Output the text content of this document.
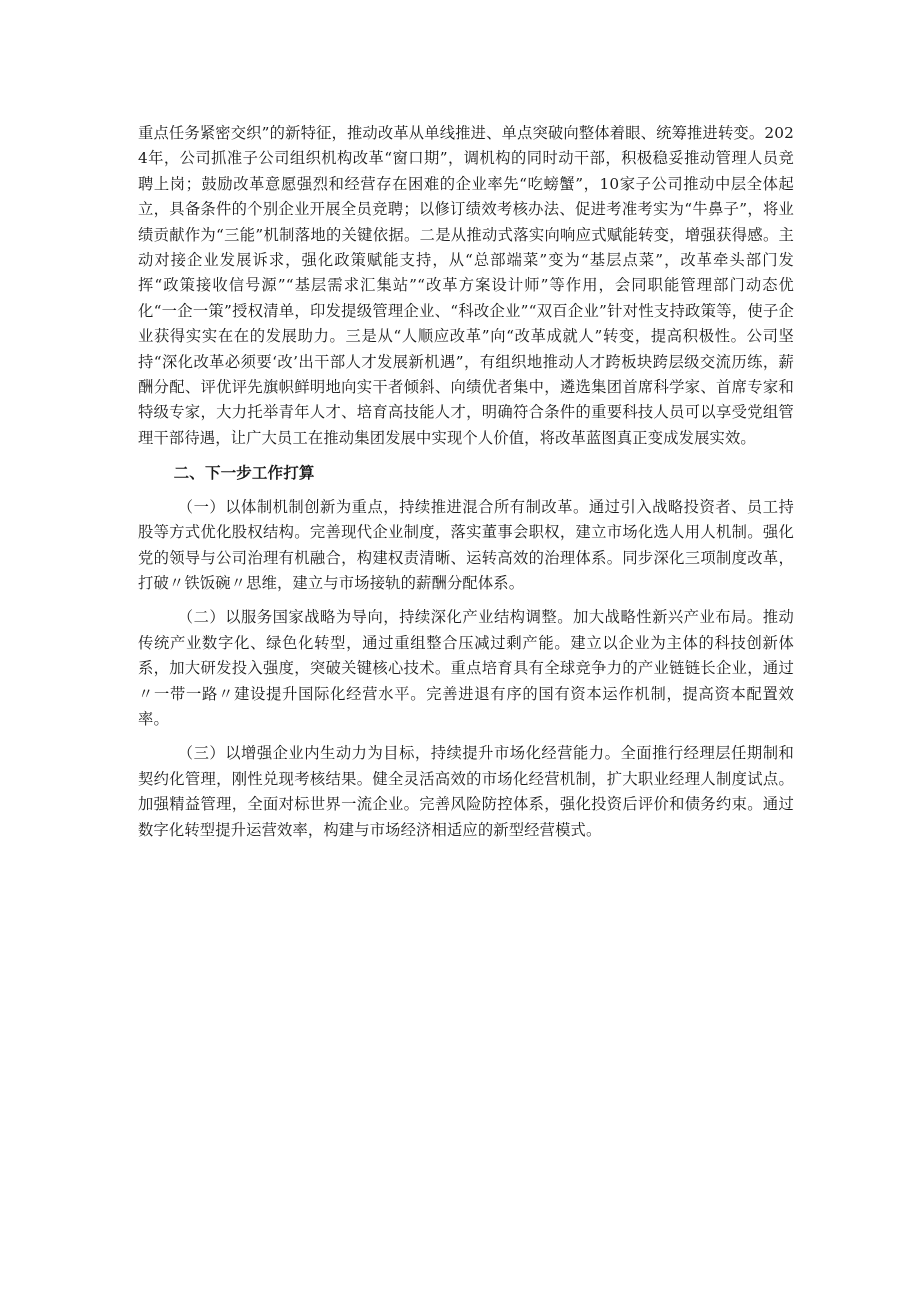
重点任务紧密交织”的新特征，推动改革从单线推进、单点突破向整体着眼、统筹推进转变。2024年，公司抓准子公司组织机构改革“窗口期”，调机构的同时动干部，积极稳妥推动管理人员竞聘上岗；鼓励改革意愿强烈和经营存在困难的企业率先“吃螃蟹”，10家子公司推动中层全体起立，具备条件的个别企业开展全员竞聘；以修订绩效考核办法、促进考准考实为“牛鼻子”，将业绩贡献作为“三能”机制落地的关键依据。二是从推动式落实向响应式赋能转变，增强获得感。主动对接企业发展诉求，强化政策赋能支持，从“总部端菜”变为“基层点菜”，改革牵头部门发挥“政策接收信号源”“基层需求汇集站”“改革方案设计师”等作用，会同职能管理部门动态优化“一企一策”授权清单，印发提级管理企业、“科改企业”“双百企业”针对性支持政策等，使子企业获得实实在在的发展助力。三是从“人顺应改革”向“改革成就人”转变，提高积极性。公司坚持“深化改革必须要‘改’出干部人才发展新机遇”，有组织地推动人才跨板块跨层级交流历练，薪酬分配、评优评先旗帜鲜明地向实干者倾斜、向绩优者集中，遴选集团首席科学家、首席专家和特级专家，大力托举青年人才、培育高技能人才，明确符合条件的重要科技人员可以享受党组管理干部待遇，让广大员工在推动集团发展中实现个人价值，将改革蓝图真正变成发展实效。

二、下一步工作打算

（一）以体制机制创新为重点，持续推进混合所有制改革。通过引入战略投资者、员工持股等方式优化股权结构。完善现代企业制度，落实董事会职权，建立市场化选人用人机制。强化党的领导与公司治理有机融合，构建权责清晰、运转高效的治理体系。同步深化三项制度改革，打破〃铁饭碗〃思维，建立与市场接轨的薪酬分配体系。

（二）以服务国家战略为导向，持续深化产业结构调整。加大战略性新兴产业布局。推动传统产业数字化、绿色化转型，通过重组整合压减过剩产能。建立以企业为主体的科技创新体系，加大研发投入强度，突破关键核心技术。重点培育具有全球竞争力的产业链链长企业，通过〃一带一路〃建设提升国际化经营水平。完善进退有序的国有资本运作机制，提高资本配置效率。

（三）以增强企业内生动力为目标，持续提升市场化经营能力。全面推行经理层任期制和契约化管理，刚性兑现考核结果。健全灵活高效的市场化经营机制，扩大职业经理人制度试点。加强精益管理，全面对标世界一流企业。完善风险防控体系，强化投资后评价和债务约束。通过数字化转型提升运营效率，构建与市场经济相适应的新型经营模式。
